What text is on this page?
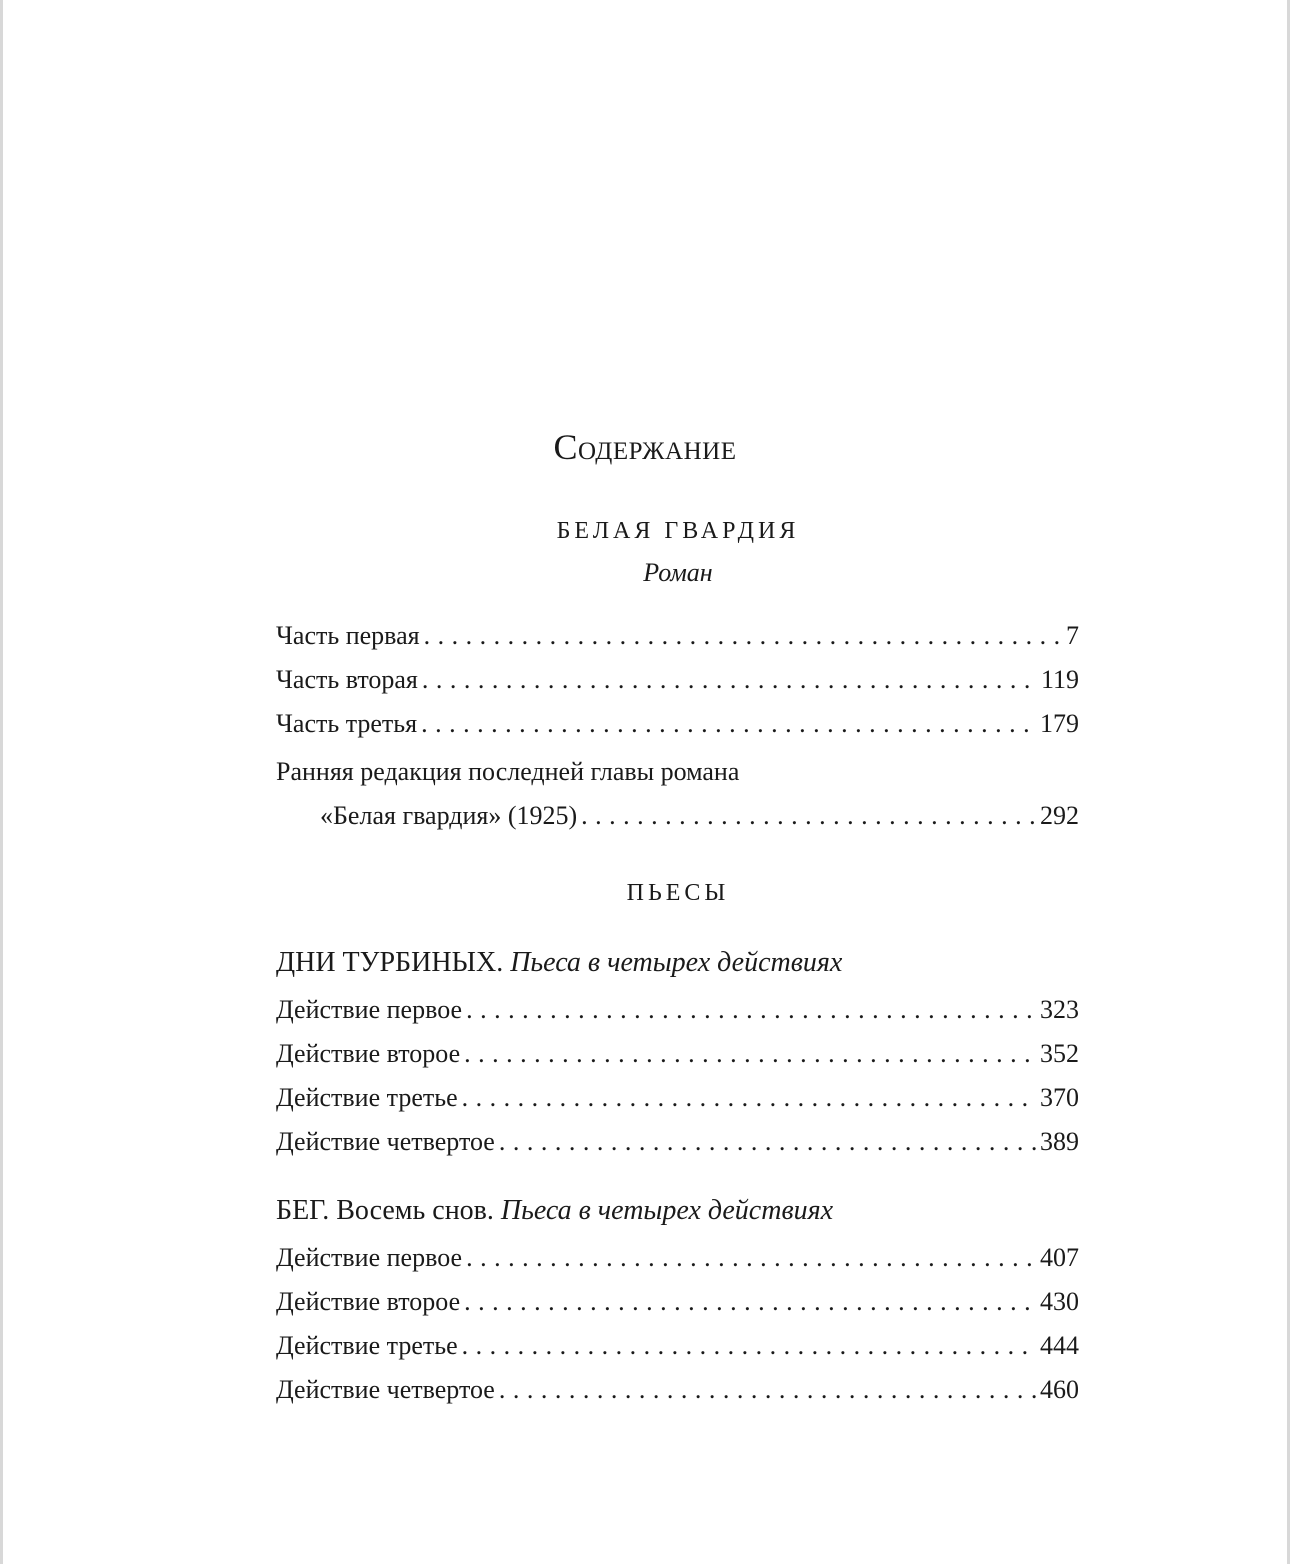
Содержание
БЕЛАЯ ГВАРДИЯ
Роман
Часть первая . . .	7
Часть вторая . . .	119
Часть третья . . .	179
Ранняя редакция последней главы романа
«Белая гвардия» (1925) . . .	292
ПЬЕСЫ
ДНИ ТУРБИНЫХ. Пьеса в четырех действиях
Действие первое . . .	323
Действие второе . . .	352
Действие третье . . .	370
Действие четвертое . . .	389
БЕГ. Восемь снов. Пьеса в четырех действиях
Действие первое . . .	407
Действие второе . . .	430
Действие третье . . .	444
Действие четвертое . . .	460
